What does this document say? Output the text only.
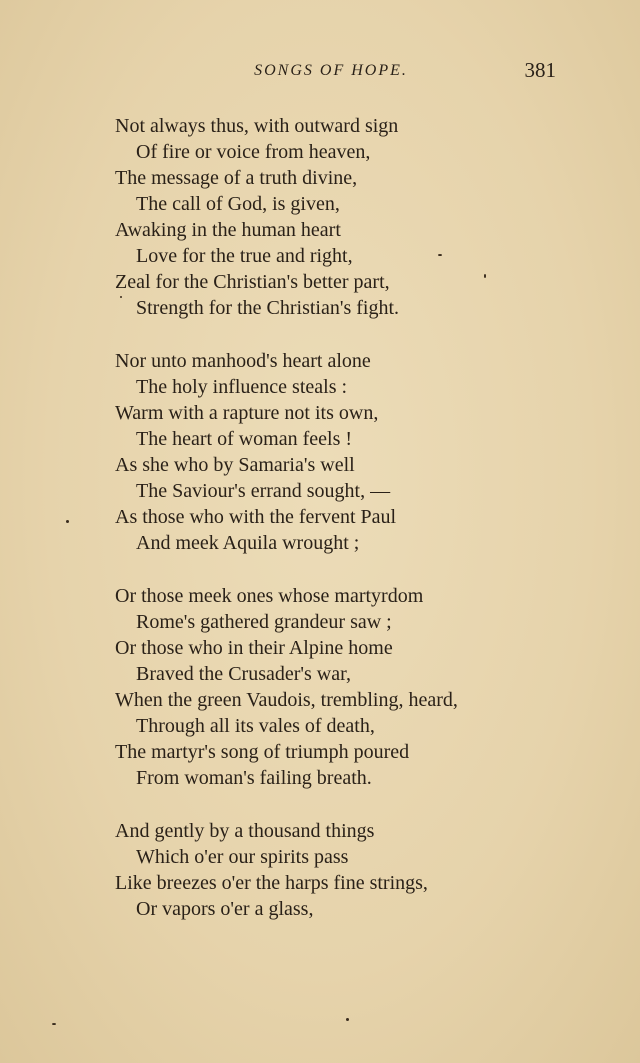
SONGS OF HOPE.	381
Not always thus, with outward sign
Of fire or voice from heaven,
The message of a truth divine,
The call of God, is given,
Awaking in the human heart
Love for the true and right,
Zeal for the Christian's better part,
Strength for the Christian's fight.
Nor unto manhood's heart alone
The holy influence steals :
Warm with a rapture not its own,
The heart of woman feels !
As she who by Samaria's well
The Saviour's errand sought, —
As those who with the fervent Paul
And meek Aquila wrought ;
Or those meek ones whose martyrdom
Rome's gathered grandeur saw ;
Or those who in their Alpine home
Braved the Crusader's war,
When the green Vaudois, trembling, heard,
Through all its vales of death,
The martyr's song of triumph poured
From woman's failing breath.
And gently by a thousand things
Which o'er our spirits pass
Like breezes o'er the harps fine strings,
Or vapors o'er a glass,
